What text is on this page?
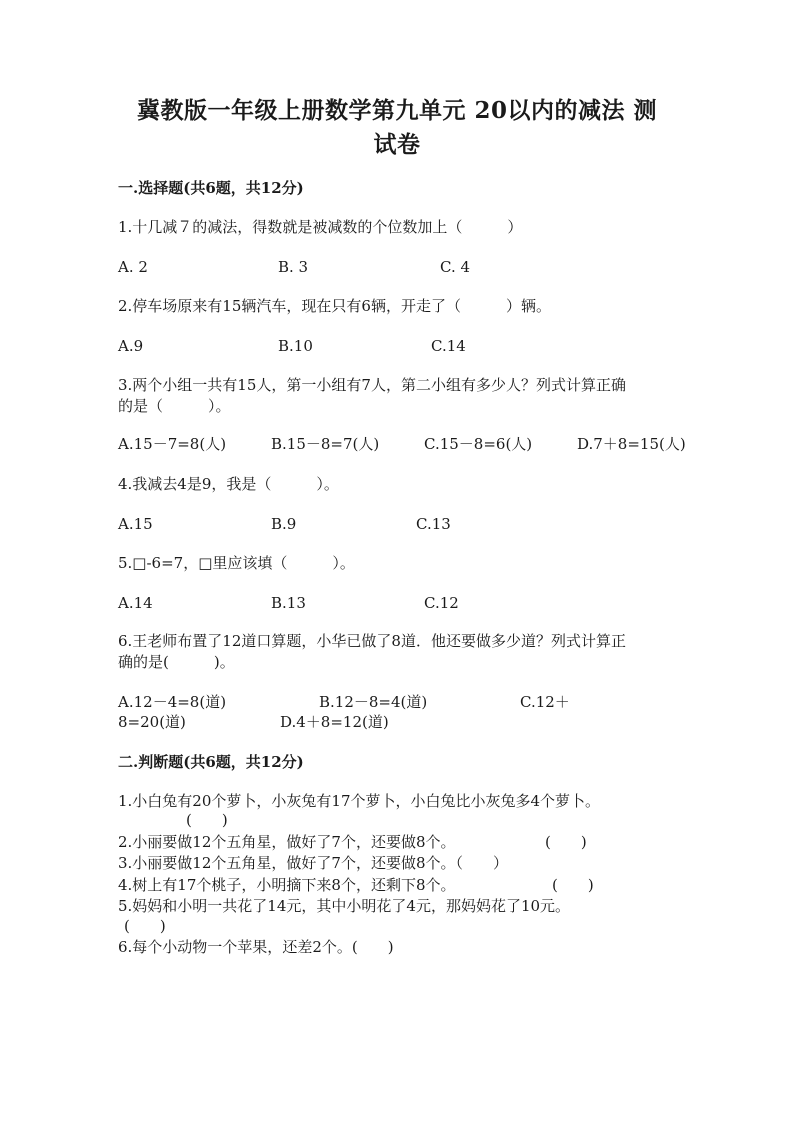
冀教版一年级上册数学第九单元 20以内的减法 测
试卷
一.选择题(共6题，共12分)
1.十几减７的减法，得数就是被减数的个位数加上（　　　）
A. 2	B. 3	C. 4
2.停车场原来有15辆汽车，现在只有6辆，开走了（　　　）辆。
A.9	B.10	C.14
3.两个小组一共有15人，第一小组有7人，第二小组有多少人？列式计算正确
的是（　　　）。
A.15－7=8(人)	B.15－8=7(人)	C.15－8=6(人)	D.7＋8=15(人)
4.我减去4是9，我是（　　　）。
A.15	B.9	C.13
5.□-6=7，□里应该填（　　　）。
A.14	B.13	C.12
6.王老师布置了12道口算题，小华已做了8道．他还要做多少道？列式计算正
确的是(　　　)。
A.12－4=8(道)	B.12－8=4(道)	C.12＋
8=20(道)	D.4＋8=12(道)
二.判断题(共6题，共12分)
1.小白兔有20个萝卜，小灰兔有17个萝卜，小白兔比小灰兔多4个萝卜。
(　　)
2.小丽要做12个五角星，做好了7个，还要做8个。	(　　)
3.小丽要做12个五角星，做好了7个，还要做8个。（　　）
4.树上有17个桃子，小明摘下来8个，还剩下8个。	(　　)
5.妈妈和小明一共花了14元，其中小明花了4元，那妈妈花了10元。
(　　)
6.每个小动物一个苹果，还差2个。(　　)
